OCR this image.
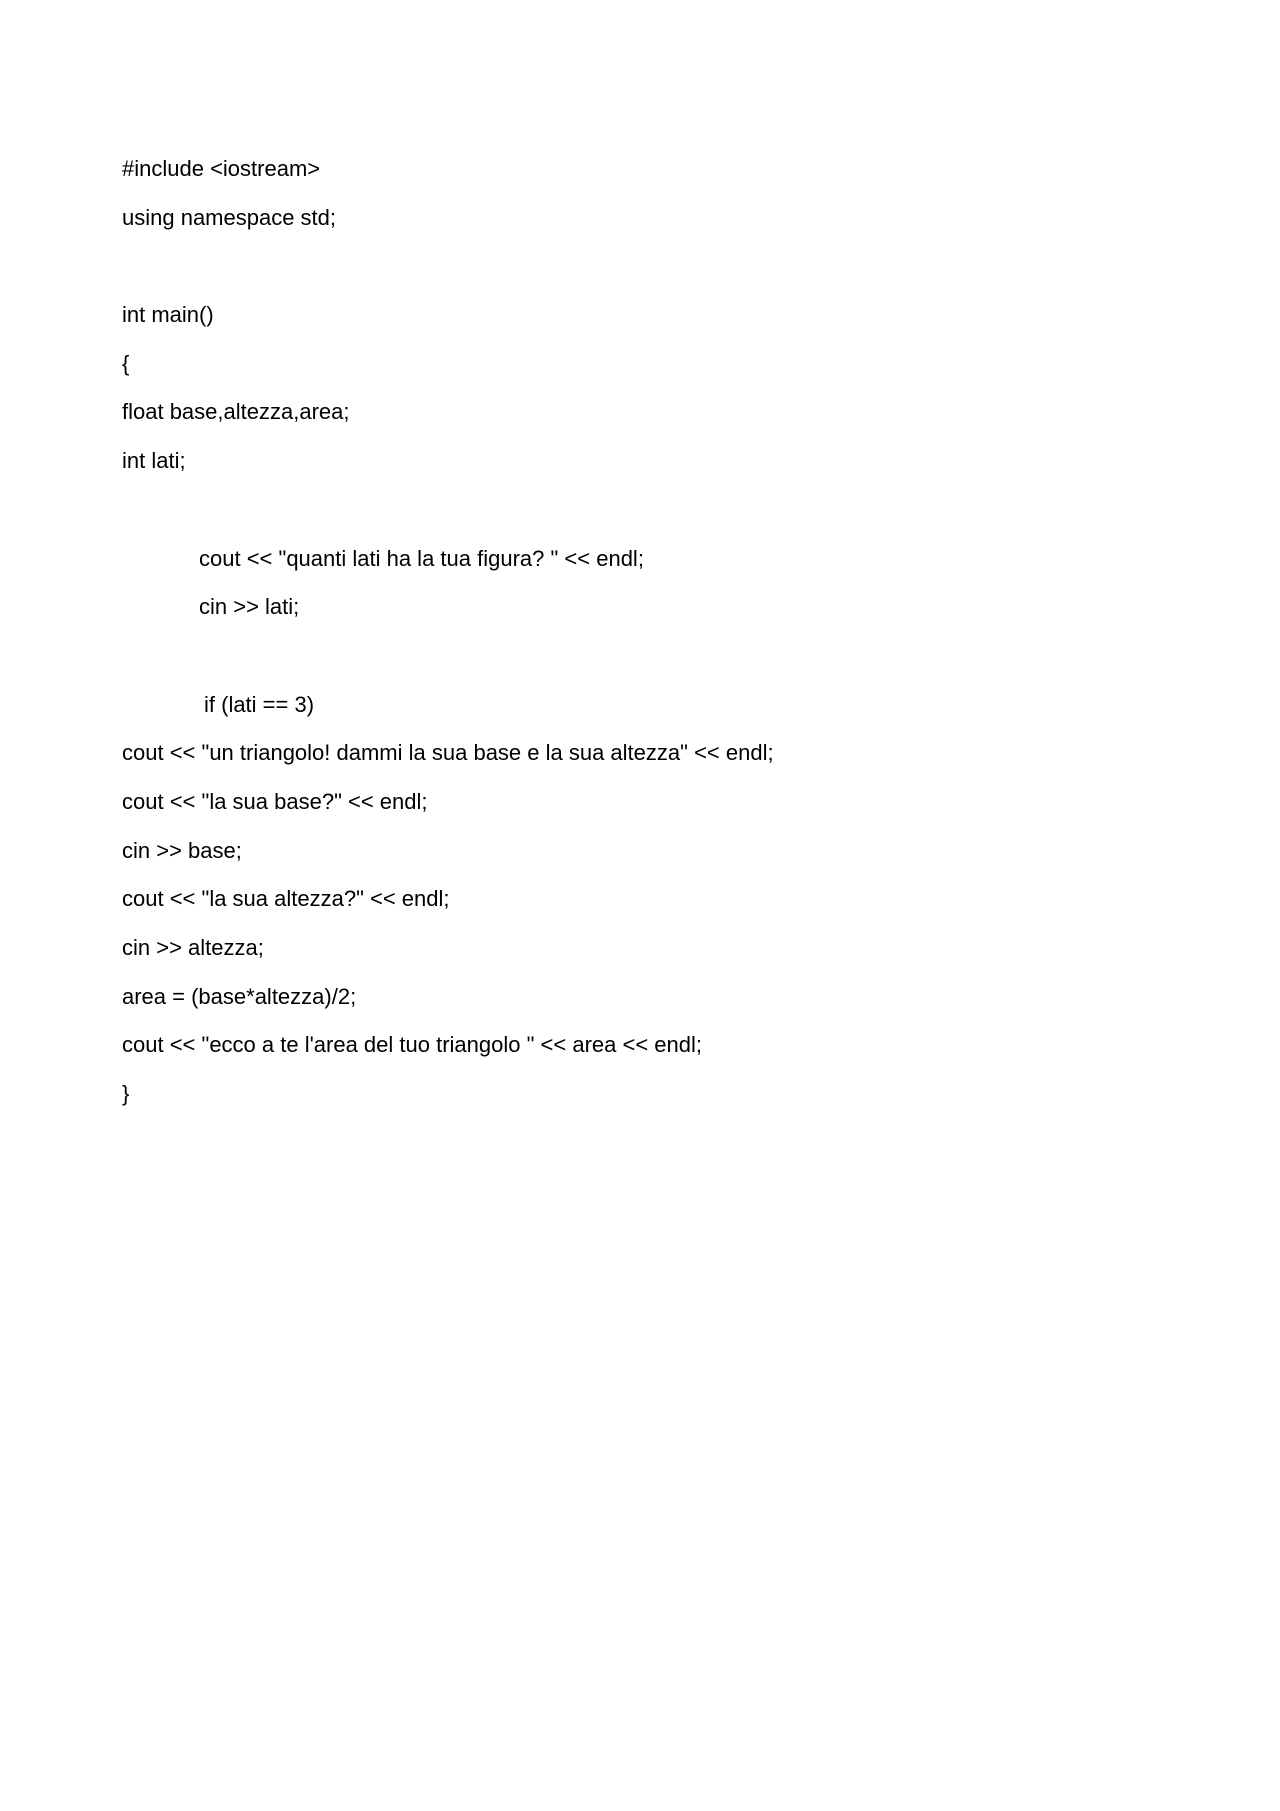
#include <iostream>
using namespace std;
int main()
{
float base,altezza,area;
int lati;
cout << "quanti lati ha la tua figura? " << endl;
cin >> lati;
if (lati == 3)
cout << "un triangolo! dammi la sua base e la sua altezza" << endl;
cout << "la sua base?" << endl;
cin >> base;
cout << "la sua altezza?" << endl;
cin >> altezza;
area = (base*altezza)/2;
cout << "ecco a te l'area del tuo triangolo " << area << endl;
}
